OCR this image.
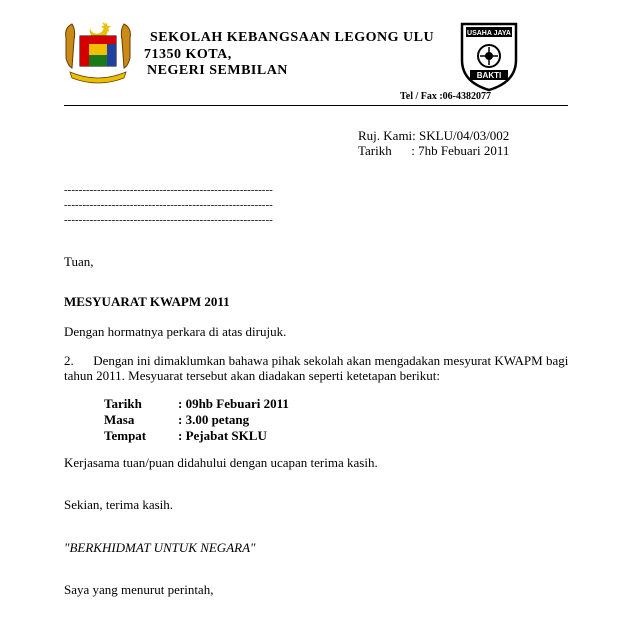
SEKOLAH KEBANGSAAN LEGONG ULU
71350 KOTA,
NEGERI SEMBILAN
USAHA JAYA
BAKTI
Tel / Fax :06-4382077
Ruj. Kami: SKLU/04/03/002
Tarikh      : 7hb Febuari 2011
---------------------------------------------------------
---------------------------------------------------------
---------------------------------------------------------
Tuan,
MESYUARAT KWAPM 2011
Dengan hormatnya perkara di atas dirujuk.
2.      Dengan ini dimaklumkan bahawa pihak sekolah akan mengadakan mesyurat KWAPM bagi
tahun 2011. Mesyuarat tersebut akan diadakan seperti ketetapan berikut:
Tarikh	: 09hb Febuari 2011
Masa	: 3.00 petang
Tempat	: Pejabat SKLU
Kerjasama tuan/puan didahului dengan ucapan terima kasih.
Sekian, terima kasih.
"BERKHIDMAT UNTUK NEGARA"
Saya yang menurut perintah,
